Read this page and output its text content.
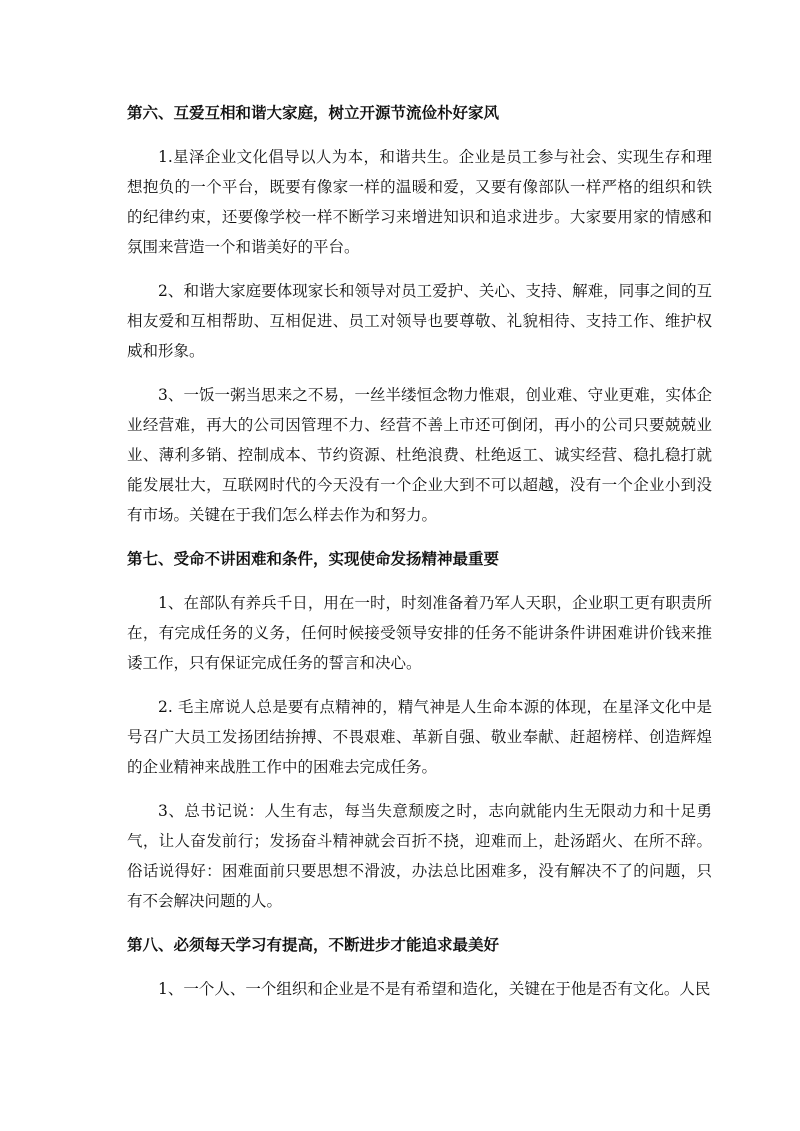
第六、互爱互相和谐大家庭，树立开源节流俭朴好家风

1.星泽企业文化倡导以人为本，和谐共生。企业是员工参与社会、实现生存和理想抱负的一个平台，既要有像家一样的温暖和爱，又要有像部队一样严格的组织和铁的纪律约束，还要像学校一样不断学习来增进知识和追求进步。大家要用家的情感和氛围来营造一个和谐美好的平台。

2、和谐大家庭要体现家长和领导对员工爱护、关心、支持、解难，同事之间的互相友爱和互相帮助、互相促进、员工对领导也要尊敬、礼貌相待、支持工作、维护权威和形象。

3、一饭一粥当思来之不易，一丝半缕恒念物力惟艰，创业难、守业更难，实体企业经营难，再大的公司因管理不力、经营不善上市还可倒闭，再小的公司只要兢兢业业、薄利多销、控制成本、节约资源、杜绝浪费、杜绝返工、诚实经营、稳扎稳打就能发展壮大，互联网时代的今天没有一个企业大到不可以超越，没有一个企业小到没有市场。关键在于我们怎么样去作为和努力。

第七、受命不讲困难和条件，实现使命发扬精神最重要

1、在部队有养兵千日，用在一时，时刻准备着乃军人天职，企业职工更有职责所在，有完成任务的义务，任何时候接受领导安排的任务不能讲条件讲困难讲价钱来推诿工作，只有保证完成任务的誓言和决心。

2. 毛主席说人总是要有点精神的，精气神是人生命本源的体现，在星泽文化中是号召广大员工发扬团结拚搏、不畏艰难、革新自强、敬业奉献、赶超榜样、创造辉煌的企业精神来战胜工作中的困难去完成任务。

3、总书记说：人生有志，每当失意颓废之时，志向就能内生无限动力和十足勇气，让人奋发前行；发扬奋斗精神就会百折不挠，迎难而上，赴汤蹈火、在所不辞。俗话说得好：困难面前只要思想不滑波，办法总比困难多，没有解决不了的问题，只有不会解决问题的人。

第八、必须每天学习有提高，不断进步才能追求最美好

1、一个人、一个组织和企业是不是有希望和造化，关键在于他是否有文化。人民
